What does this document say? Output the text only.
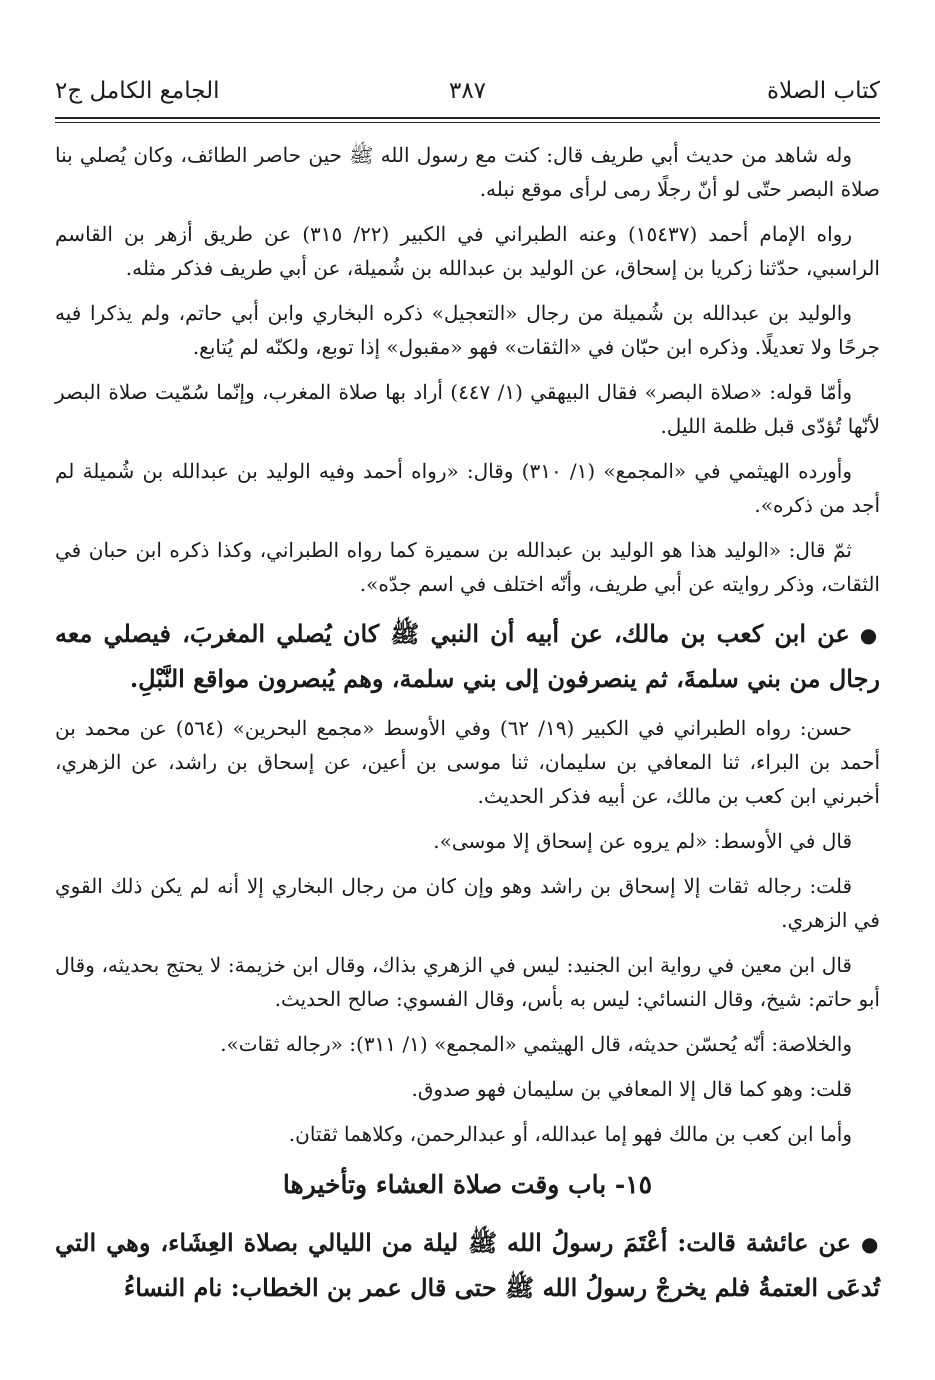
كتاب الصلاة
٣٨٧
الجامع الكامل ج٢

وله شاهد من حديث أبي طريف قال: كنت مع رسول الله ﷺ حين حاصر الطائف، وكان يُصلي بنا صلاة البصر حتّى لو أنّ رجلًا رمى لرأى موقع نبله.

رواه الإمام أحمد (١٥٤٣٧) وعنه الطبراني في الكبير (٢٢/ ٣١٥) عن طريق أزهر بن القاسم الراسبي، حدّثنا زكريا بن إسحاق، عن الوليد بن عبدالله بن شُميلة، عن أبي طريف فذكر مثله.

والوليد بن عبدالله بن شُميلة من رجال «التعجيل» ذكره البخاري وابن أبي حاتم، ولم يذكرا فيه جرحًا ولا تعديلًا. وذكره ابن حبّان في «الثقات» فهو «مقبول» إذا توبع، ولكنّه لم يُتابع.

وأمّا قوله: «صلاة البصر» فقال البيهقي (١/ ٤٤٧) أراد بها صلاة المغرب، وإنّما سُمّيت صلاة البصر لأنّها تُؤدّى قبل ظلمة الليل.

وأورده الهيثمي في «المجمع» (١/ ٣١٠) وقال: «رواه أحمد وفيه الوليد بن عبدالله بن شُميلة لم أجد من ذكره».

ثمّ قال: «الوليد هذا هو الوليد بن عبدالله بن سميرة كما رواه الطبراني، وكذا ذكره ابن حبان في الثقات، وذكر روايته عن أبي طريف، وأنّه اختلف في اسم جدّه».

●عن ابن كعب بن مالك، عن أبيه أن النبي ﷺ كان يُصلي المغربَ، فيصلي معه رجال من بني سلمةَ، ثم ينصرفون إلى بني سلمة، وهم يُبصرون مواقع النَّبْلِ.

حسن: رواه الطبراني في الكبير (١٩/ ٦٢) وفي الأوسط «مجمع البحرين» (٥٦٤) عن محمد بن أحمد بن البراء، ثنا المعافي بن سليمان، ثنا موسى بن أعين، عن إسحاق بن راشد، عن الزهري، أخبرني ابن كعب بن مالك، عن أبيه فذكر الحديث.

قال في الأوسط: «لم يروه عن إسحاق إلا موسى».

قلت: رجاله ثقات إلا إسحاق بن راشد وهو وإن كان من رجال البخاري إلا أنه لم يكن ذلك القوي في الزهري.

قال ابن معين في رواية ابن الجنيد: ليس في الزهري بذاك، وقال ابن خزيمة: لا يحتج بحديثه، وقال أبو حاتم: شيخ، وقال النسائي: ليس به بأس، وقال الفسوي: صالح الحديث.

والخلاصة: أنّه يُحسّن حديثه، قال الهيثمي «المجمع» (١/ ٣١١): «رجاله ثقات».

قلت: وهو كما قال إلا المعافي بن سليمان فهو صدوق.

وأما ابن كعب بن مالك فهو إما عبدالله، أو عبدالرحمن، وكلاهما ثقتان.

١٥- باب وقت صلاة العشاء وتأخيرها

●عن عائشة قالت: أعْتَمَ رسولُ الله ﷺ ليلة من الليالي بصلاة العِشَاء، وهي التي تُدعَى العتمةُ فلم يخرجْ رسولُ الله ﷺ حتى قال عمر بن الخطاب: نام النساءُ
